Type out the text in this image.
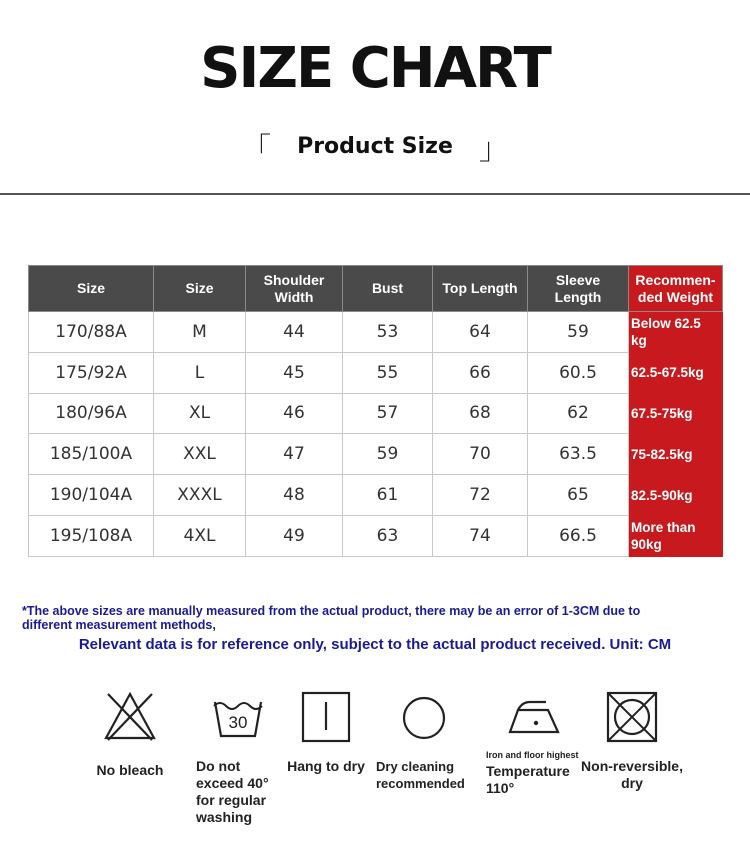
SIZE CHART
「 Product Size 」
Size	Size	Shoulder Width	Bust	Top Length	Sleeve Length	Recommen-ded Weight
170/88A	M	44	53	64	59	Below 62.5 kg
175/92A	L	45	55	66	60.5	62.5-67.5kg
180/96A	XL	46	57	68	62	67.5-75kg
185/100A	XXL	47	59	70	63.5	75-82.5kg
190/104A	XXXL	48	61	72	65	82.5-90kg
195/108A	4XL	49	63	74	66.5	More than 90kg
*The above sizes are manually measured from the actual product, there may be an error of 1-3CM due to different measurement methods,
Relevant data is for reference only, subject to the actual product received. Unit: CM
No bleach
30
Do not exceed 40° for regular washing
Hang to dry Dry cleaning recommended
Iron and floor highest
Temperature 110°
Non-reversible, dry
